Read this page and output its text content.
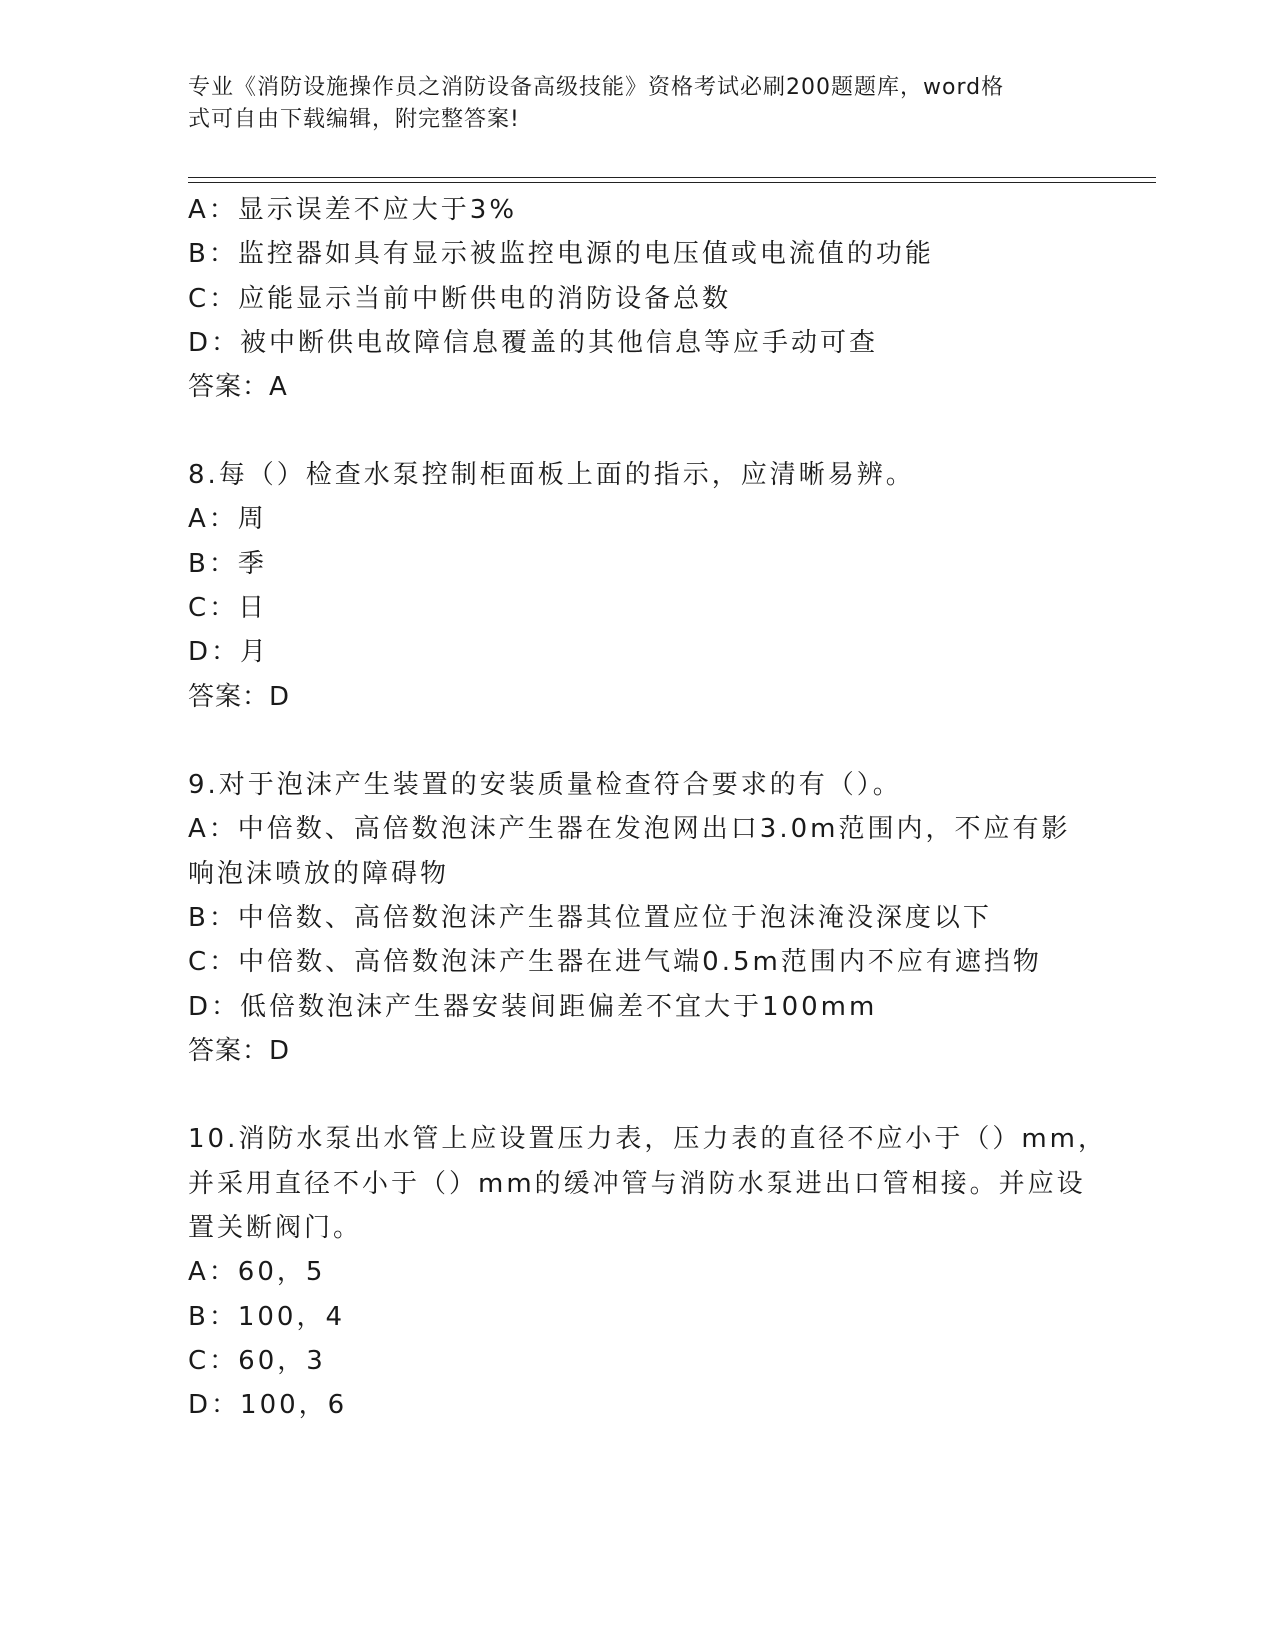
专业《消防设施操作员之消防设备高级技能》资格考试必刷200题题库，word格
式可自由下载编辑，附完整答案!
A：显示误差不应大于3%
B：监控器如具有显示被监控电源的电压值或电流值的功能
C：应能显示当前中断供电的消防设备总数
D：被中断供电故障信息覆盖的其他信息等应手动可查
答案：A
8.每（）检查水泵控制柜面板上面的指示，应清晰易辨。
A：周
B：季
C：日
D：月
答案：D
9.对于泡沫产生装置的安装质量检查符合要求的有（）。
A：中倍数、高倍数泡沫产生器在发泡网出口3.0m范围内，不应有影
响泡沫喷放的障碍物
B：中倍数、高倍数泡沫产生器其位置应位于泡沫淹没深度以下
C：中倍数、高倍数泡沫产生器在进气端0.5m范围内不应有遮挡物
D：低倍数泡沫产生器安装间距偏差不宜大于100mm
答案：D
10.消防水泵出水管上应设置压力表，压力表的直径不应小于（）mm，
并采用直径不小于（）mm的缓冲管与消防水泵进出口管相接。并应设
置关断阀门。
A：60，5
B：100，4
C：60，3
D：100，6
